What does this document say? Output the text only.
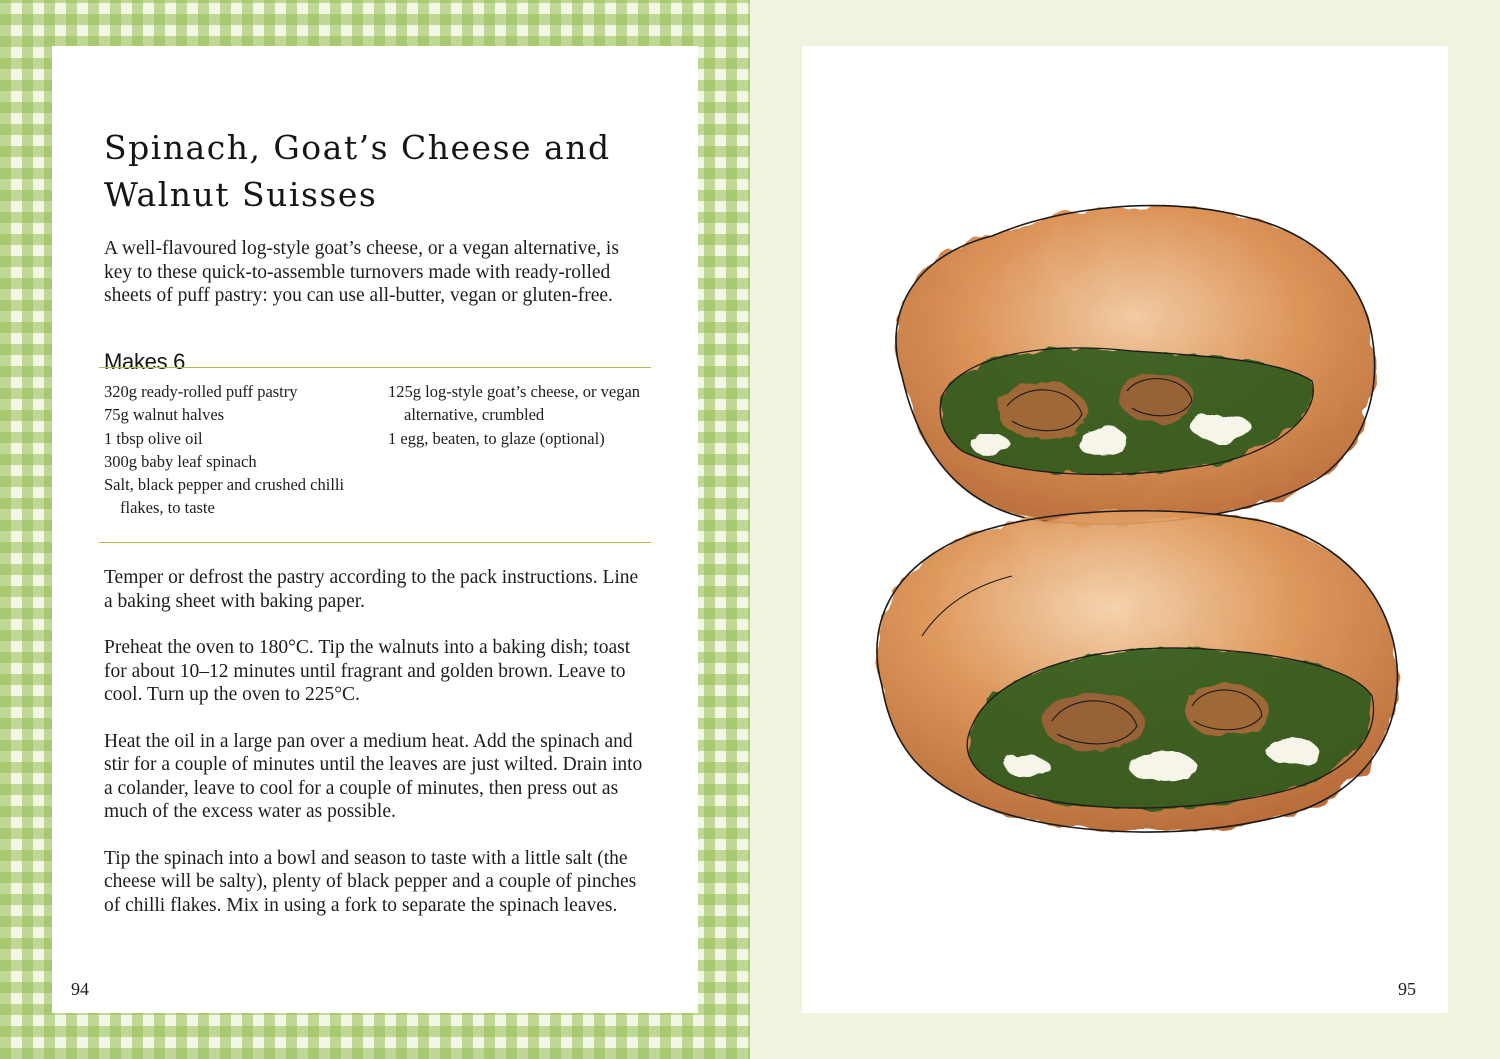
Spinach, Goat’s Cheese and Walnut Suisses

A well-flavoured log-style goat’s cheese, or a vegan alternative, is key to these quick-to-assemble turnovers made with ready-rolled sheets of puff pastry: you can use all-butter, vegan or gluten-free.

Makes 6
320g ready-rolled puff pastry
75g walnut halves
1 tbsp olive oil
300g baby leaf spinach
Salt, black pepper and crushed chilli flakes, to taste
125g log-style goat’s cheese, or vegan alternative, crumbled
1 egg, beaten, to glaze (optional)

Temper or defrost the pastry according to the pack instructions. Line a baking sheet with baking paper.

Preheat the oven to 180°C. Tip the walnuts into a baking dish; toast for about 10–12 minutes until fragrant and golden brown. Leave to cool. Turn up the oven to 225°C.

Heat the oil in a large pan over a medium heat. Add the spinach and stir for a couple of minutes until the leaves are just wilted. Drain into a colander, leave to cool for a couple of minutes, then press out as much of the excess water as possible.

Tip the spinach into a bowl and season to taste with a little salt (the cheese will be salty), plenty of black pepper and a couple of pinches of chilli flakes. Mix in using a fork to separate the spinach leaves.

94	95
